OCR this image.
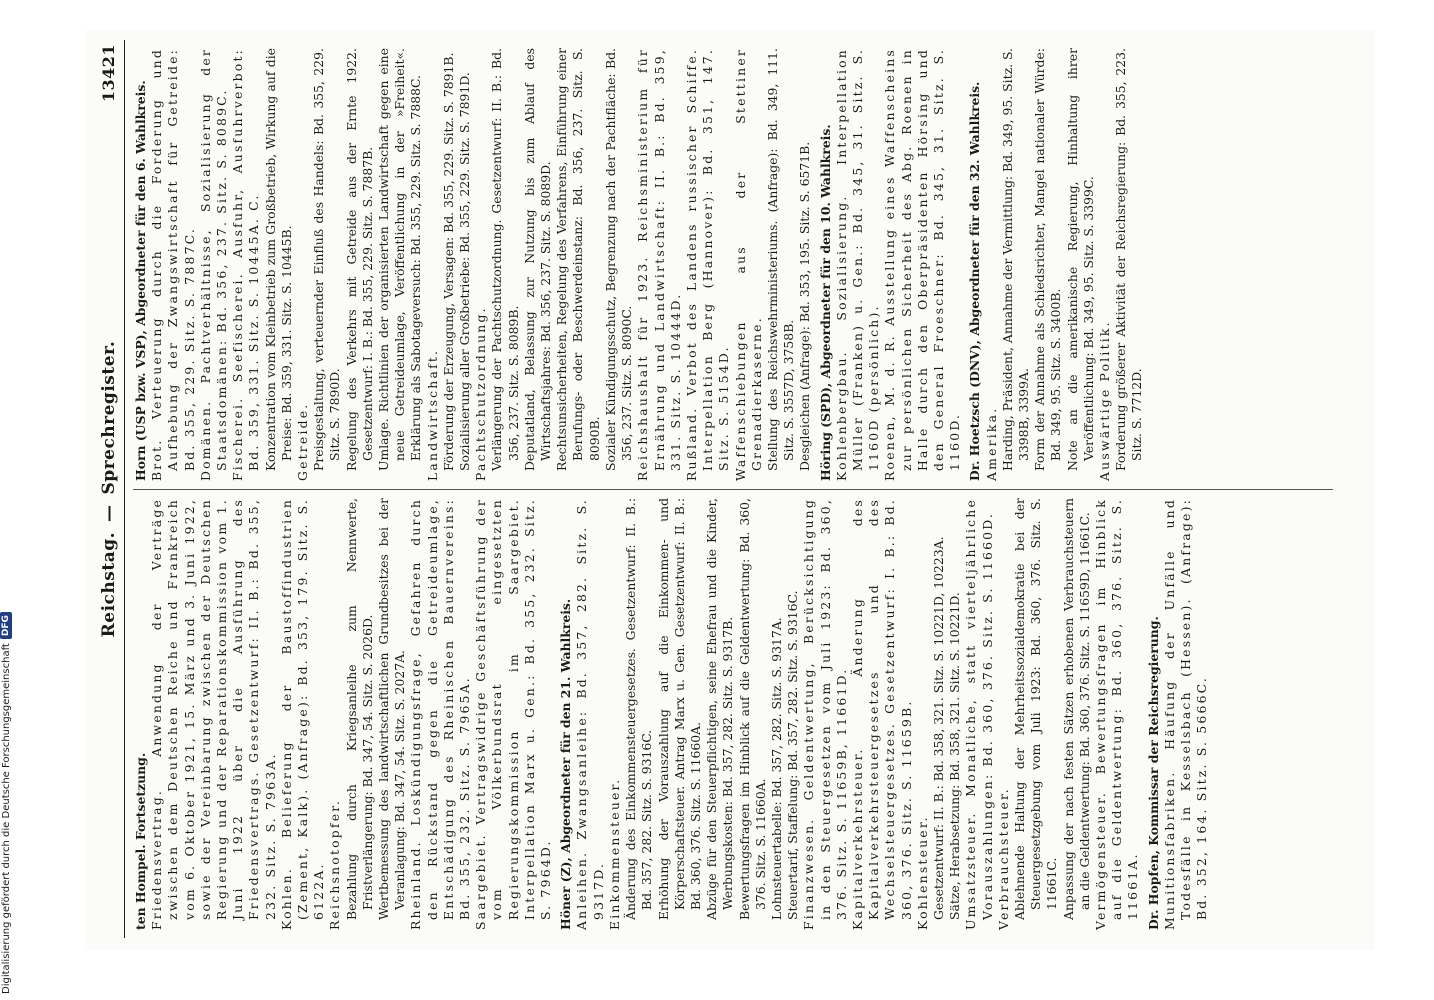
Reichstag.
—
Sprechregister.
13421

ten Hompel. Fortsetzung. Friedensvertrag. Anwendung der Verträge zwischen dem Deutschen Reiche und Frankreich vom 6. Oktober 1921, 15. März und 3. Juni 1922, sowie der Vereinbarung zwischen der Deutschen Regierung und der Reparationskommission vom 1. Juni 1922 über die Ausführung des Friedensvertrags. Gesetzentwurf: II. B.: Bd. 355, 232. Sitz. S. 7963A. Kohlen. Belieferung der Baustoffindustrien (Zement, Kalk). (Anfrage): Bd. 353, 179. Sitz. S. 6122A. Reichsnotopfer. Bezahlung durch Kriegsanleihe zum Nennwerte, Fristverlängerung: Bd. 347, 54. Sitz. S. 2026D. Wertbemessung des landwirtschaftlichen Grundbesitzes bei der Veranlagung: Bd. 347, 54. Sitz. S. 2027A. Rheinland. Loskündigungsfrage, Gefahren durch den Rückstand gegen die Getreideumlage, Entschädigung des Rheinischen Bauernvereins: Bd. 355, 232. Sitz. S. 7965A. Saargebiet. Vertragswidrige Geschäftsführung der vom Völkerbundsrat eingesetzten Regierungskommission im Saargebiet. Interpellation Marx u. Gen.: Bd. 355, 232. Sitz. S. 7964D. Höner (Z), Abgeordneter für den 21. Wahlkreis. Anleihen. Zwangsanleihe: Bd. 357, 282. Sitz. S. 9317D. Einkommensteuer. Änderung des Einkommensteuergesetzes. Gesetzentwurf: II. B.: Bd. 357, 282. Sitz. S. 9316C. Erhöhung der Vorauszahlung auf die Einkommen- und Körperschaftsteuer. Antrag Marx u. Gen. Gesetzentwurf: II. B.: Bd. 360, 376. Sitz. S. 11660A. Abzüge für den Steuerpflichtigen, seine Ehefrau und die Kinder, Werbungskosten: Bd. 357, 282. Sitz. S. 9317B. Bewertungsfragen im Hinblick auf die Geldentwertung: Bd. 360, 376. Sitz. S. 11660A. Lohnsteuertabelle: Bd. 357, 282. Sitz. S. 9317A. Steuertarif, Staffelung: Bd. 357, 282. Sitz. S. 9316C. Finanzwesen. Geldentwertung, Berücksichtigung in den Steuergesetzen vom Juli 1923: Bd. 360, 376. Sitz. S. 11659B, 11661D. Kapitalverkehrsteuer. Änderung des Kapitalverkehrsteuergesetzes und des Wechselsteuergesetzes. Gesetzentwurf: I. B.: Bd. 360, 376. Sitz. S. 11659B. Kohlensteuer. Gesetzentwurf: II. B.: Bd. 358, 321. Sitz. S. 10221D, 10223A. Sätze, Herabsetzung: Bd. 358, 321. Sitz. S. 10221D. Umsatzsteuer. Monatliche, statt vierteljährliche Vorauszahlungen: Bd. 360, 376. Sitz. S. 11660D. Verbrauchsteuer. Ablehnende Haltung der Mehrheitssozialdemokratie bei der Steuergesetzgebung vom Juli 1923: Bd. 360, 376. Sitz. S. 11661C. Anpassung der nach festen Sätzen erhobenen Verbrauchsteuern an die Geldentwertung: Bd. 360, 376. Sitz. S. 11659D, 11661C. Vermögensteuer. Bewertungsfragen im Hinblick auf die Geldentwertung: Bd. 360, 376. Sitz. S. 11661A. Dr. Hopfen, Kommissar der Reichsregierung. Munitionsfabriken. Häufung der Unfälle und Todesfälle in Kesselsbach (Hessen). (Anfrage): Bd. 352, 164. Sitz. S. 5666C.

Horn (USP bzw. VSP), Abgeordneter für den 6. Wahlkreis. Brot. Verteuerung durch die Forderung und Aufhebung der Zwangswirtschaft für Getreide: Bd. 355, 229. Sitz. S. 7887C. Domänen. Pachtverhältnisse, Sozialisierung der Staatsdomänen: Bd. 356, 237. Sitz. S. 8089C. Fischerei. Seefischerei. Ausfuhr, Ausfuhrverbot: Bd. 359, 331. Sitz. S. 10445A. C. Konzentration vom Kleinbetrieb zum Großbetrieb, Wirkung auf die Preise: Bd. 359, 331. Sitz. S. 10445B. Getreide. Preisgestaltung, verteuernder Einfluß des Handels: Bd. 355, 229. Sitz. S. 7890D. Regelung des Verkehrs mit Getreide aus der Ernte 1922. Gesetzentwurf: I. B.: Bd. 355, 229. Sitz. S. 7887B. Umlage. Richtlinien der organisierten Landwirtschaft gegen eine neue Getreideumlage, Veröffentlichung in der »Freiheit«. Erklärung als Sabotageversuch: Bd. 355, 229. Sitz. S. 7888C. Landwirtschaft. Förderung der Erzeugung, Versagen: Bd. 355, 229. Sitz. S. 7891B. Sozialisierung aller Großbetriebe: Bd. 355, 229. Sitz. S. 7891D. Pachtschutzordnung. Verlängerung der Pachtschutzordnung. Gesetzentwurf: II. B.: Bd. 356, 237. Sitz. S. 8089B. Deputatland, Belassung zur Nutzung bis zum Ablauf des Wirtschaftsjahres: Bd. 356, 237. Sitz. S. 8089D. Rechtsunsicherheiten, Regelung des Verfahrens, Einführung einer Berufungs- oder Beschwerdeinstanz: Bd. 356, 237. Sitz. S. 8090B. Sozialer Kündigungsschutz, Begrenzung nach der Pachtfläche: Bd. 356, 237. Sitz. S. 8090C. Reichshaushalt für 1923. Reichsministerium für Ernährung und Landwirtschaft: II. B.: Bd. 359, 331. Sitz. S. 10444D. Rußland. Verbot des Landens russischer Schiffe. Interpellation Berg (Hannover): Bd. 351, 147. Sitz. S. 5154D. Waffenschiebungen aus der Stettiner Grenadierkaserne. Stellung des Reichswehrministeriums. (Anfrage): Bd. 349, 111. Sitz. S. 3557D, 3758B. Desgleichen (Anfrage): Bd. 353, 195. Sitz. S. 6571B. Höring (SPD), Abgeordneter für den 10. Wahlkreis. Kohlenbergbau. Sozialisierung. Interpellation Müller (Franken) u. Gen.: Bd. 345, 31. Sitz. S. 1160D (persönlich). Roenen, M. d. R. Ausstellung eines Waffenscheins zur persönlichen Sicherheit des Abg. Roenen in Halle durch den Oberpräsidenten Hörsing und den General Froeschner: Bd. 345, 31. Sitz. S. 1160D. Dr. Hoetzsch (DNV), Abgeordneter für den 32. Wahlkreis. Amerika. Harding, Präsident, Annahme der Vermittlung: Bd. 349, 95. Sitz. S. 3398B, 3399A. Form der Annahme als Schiedsrichter, Mangel nationaler Würde: Bd. 349, 95. Sitz. S. 3400B. Note an die amerikanische Regierung, Hinhaltung ihrer Veröffentlichung: Bd. 349, 95. Sitz. S. 3399C. Auswärtige Politik. Forderung größerer Aktivität der Reichsregierung: Bd. 355, 223. Sitz. S. 7712D.

Digitalisierung gefördert durch die Deutsche Forschungsgemeinschaft
DFG
